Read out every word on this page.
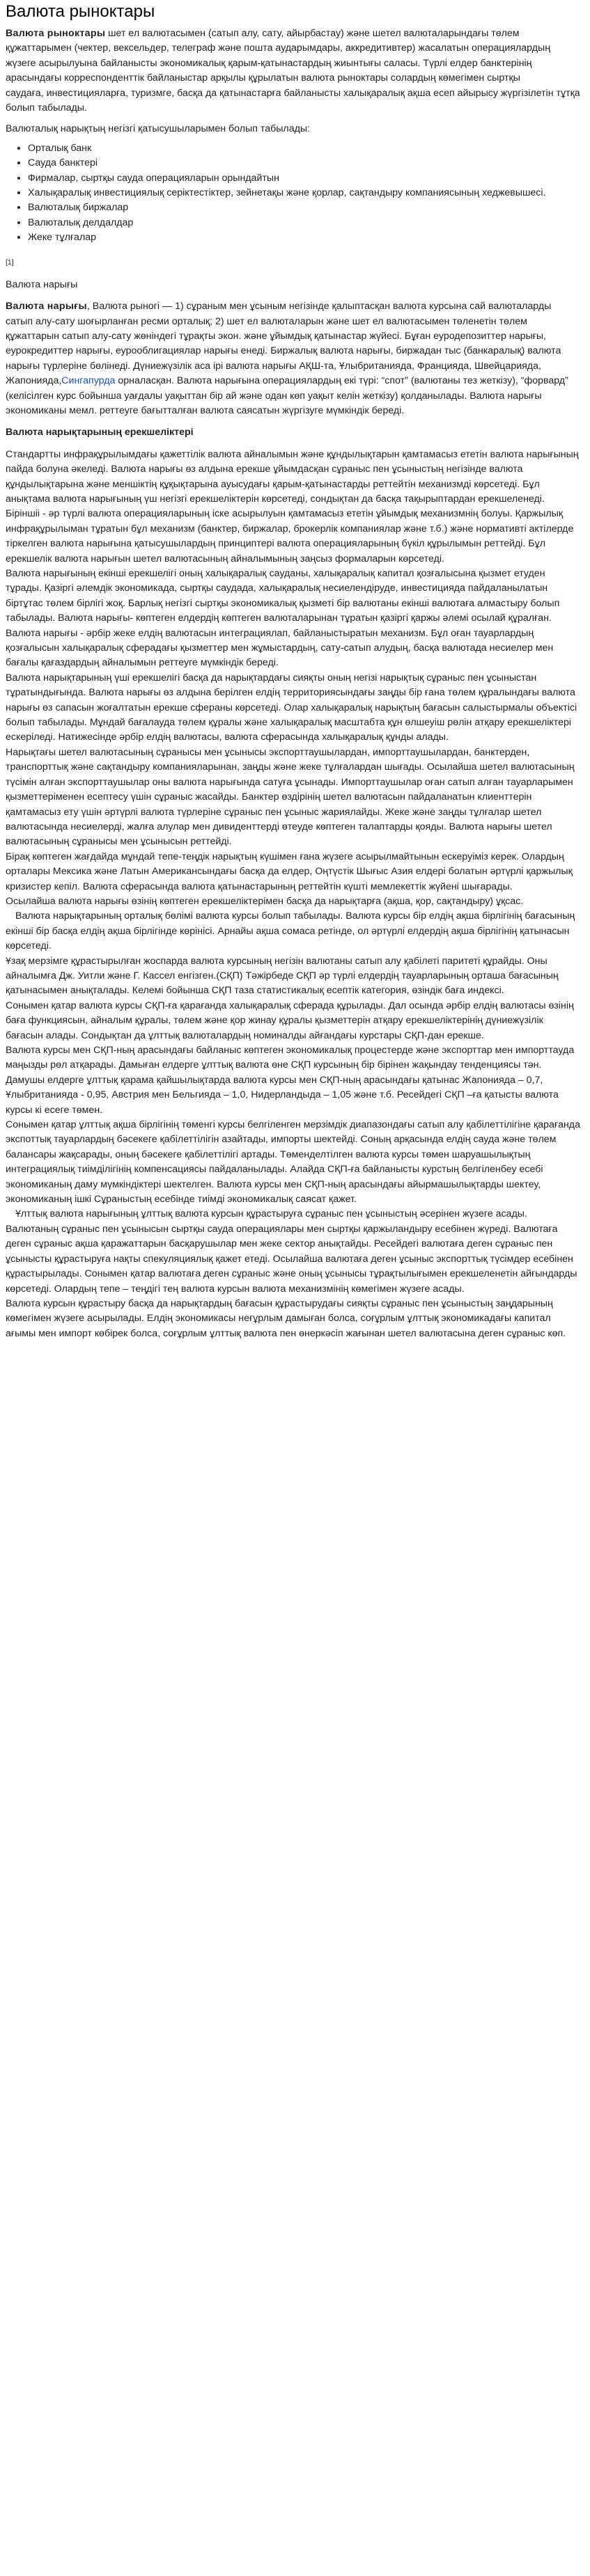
Валюта рыноктары

Валюта рыноктары шет ел валютасымен (сатып алу, сату, айырбастау) және шетел валюталарындағы төлем құжаттарымен (чектер, вексельдер, телеграф және пошта аударымдары, аккредитивтер) жасалатын операциялардың жүзеге асырылуына байланысты экономикалық қарым-қатынастардың жиынтығы саласы. Түрлі елдер банктерінің арасындағы корреспонденттік байланыстар арқылы құрылатын валюта рыноктары солардың көмегімен сыртқы

саудаға, инвестицияларға, туризмге, басқа да қатынастарға байланысты халықаралық ақша есеп айырысу жүргізілетін тұтқа болып табылады.

Валюталық нарықтың негізгі қатысушыларымен болып табылады:

• Орталық банк
• Сауда банктері
• Фирмалар, сыртқы сауда операцияларын орындайтын
• Халықаралық инвестициялық серіктестіктер, зейнетақы және қорлар, сақтандыру компанияcының хеджевышесі.
• Валюталық биржалар
• Валюталық делдалдар
• Жеке тұлғалар

[1]

Валюта нарығы

Валюта нарығы, Валюта рыногі — 1) сұраным мен ұсыным негізінде қалыптасқан валюта курсына сай валюталарды сатып алу-сату шоғырланған ресми орталық; 2) шет ел валюталарын және шет ел валютасымен төленетін төлем құжаттарын сатып алу-сату жөніндегі тұрақты экон. және ұйымдық қатынастар жүйесі. Бұған еуродепозиттер нарығы, еурокредиттер нарығы, еурооблигациялар нарығы енеді. Биржалық валюта нарығы, биржадан тыс (банкаралық) валюта нарығы түрлеріне бөлінеді. Дүниежүзілік аса ірі валюта нарығы АҚШ-та, Ұлыбританияда, Францияда, Швейцарияда, Жапонияда,Сингапурда орналасқан. Валюта нарығына операциялардың екі түрі: “спот” (валютаны тез жеткізу), “форвард” (келісілген курс бойынша уағдалы уақыттан бір ай және одан көп уақыт келін жеткізу) қолданылады. Валюта нарығы экономиканы мемл. реттеуге бағытталған валюта саясатын жүргізуге мүмкіндік береді.

Валюта нарықтарының ерекшеліктері

Стандартты инфрақұрылымдағы қажеттілік валюта айналымын және құндылықтарын қамтамасыз ететін валюта нарығының пайда болуна әкеледі. Валюта нарығы өз алдына ерекше ұйымдасқан сұраныс пен ұсыныстың негізінде валюта құндылықтарына және меншіктің құқықтарына ауысудағы қарым-қатынастарды реттейтін механизмді көрсетеді. Бұл анықтама валюта нарығының үш негізгі ерекшеліктерін көрсетеді, сондықтан да басқа тақырыптардан ерекшеленеді.

Біріншіі - әр түрлі валюта операцияларының іске асырылуын қамтамасыз ететін ұйымдық механизмнің болуы. Қаржылық инфрақұрылыман тұратын бұл механизм (банктер, биржалар, брокерлік компаниялар және т.б.) және нормативті актілерде тіркелген валюта нарығына қатысушылардың принциптері валюта операцияларының бүкіл құрылымын реттейді. Бұл ерекшелік валюта нарығын шетел валютасының айналымының заңсыз формаларын көрсетеді.

Валюта нарығының екінші ерекшелігі оның халықаралық сауданы, халықаралық капитал қозғалысына қызмет етуден тұрады. Қазіргі әлемдік экономикада, сыртқы саудада, халықаралық несиелендіруде, инвестицияда пайдаланылатын біртұтас төлем бірлігі жоқ. Барлық негізгі сыртқы экономикалық қызметі бір валютаны екінші валютаға алмастыру болып табылады. Валюта нарығы- көптеген елдердің көптеген валюталарынан тұратын қазіргі қаржы әлемі осылай құралған.

Валюта нарығы - әрбір жеке елдің валютасын интеграциялап, байланыстыратын механизм. Бұл оған тауарлардың қозғалысын халықаралық сферадағы қызметтер мен жұмыстардың, сату-сатып алудың, басқа валютада несиелер мен бағалы қағаздардың айналымын реттеуге мүмкіндік береді.

Валюта нарықтарының үші ерекшелігі басқа да нарықтардағы сияқты оның негізі нарықтық сұраныс пен ұсыныстан тұратындығында. Валюта нарығы өз алдына берілген елдің территориясындағы заңды бір ғана төлем құралындағы валюта нарығы өз сапасын жоғалтатын ерекше сфераны көрсетеді. Олар халықаралық нарықтың бағасын салыстырмалы объектісі болып табылады. Мұндай бағалауда төлем құралы және халықаралық масштабта құн өлшеуіш рөлін атқару ерекшеліктері ескеріледі. Натижесінде әрбір елдің валютасы, валюта сферасында халықаралық құнды алады.

Нарықтағы шетел валютасының сұранысы мен ұсынысы экспорттаушылардан, импорттаушылардан, банктерден, транспорттық және сақтандыру компанияларынан, заңды және жеке тұлғалардан шығады. Осылайша шетел валютасының түсімін алған экспорттаушылар оны валюта нарығында сатуға ұсынады. Импорттаушылар оған сатып алған тауарларымен қызметтеріменен есептесу үшін сұраныс жасайды. Банктер өздірінің шетел валютасын пайдаланатын клиенттерін қамтамасыз ету үшін әртүрлі валюта түрлеріне сұраныс пен ұсыныс жариялайды. Жеке және заңды тұлғалар шетел валютасында несиелерді, жалға алулар мен дивиденттерді өтеуде көптеген талаптарды қояды. Валюта нарығы шетел валютасының сұранысы мен ұсынысын реттейді.

Бірақ көптеген жағдайда мұндай тепе-теңдік нарықтың күшімен ғана жүзеге асырылмайтынын ескеруіміз керек. Олардың орталары Мексика және Латын Американсындағы басқа да елдер, Оңтүстік Шығыс Азия елдері болатын әртүрлі қаржылық кризистер кепіл. Валюта сферасында валюта қатынастарының реттейтін күшті мемлекеттік жүйені шығарады.

Осылайша валюта нарығы өзінің көптеген ерекшеліктерімен басқа да нарықтарға (ақша, қор, сақтандыру) ұқсас.

Валюта нарықтарының орталық бөлімі валюта курсы болып табылады. Валюта курсы бір елдің ақша бірлігінің бағасының екінші бір басқа елдің ақша бірлігінде көрінісі. Арнайы ақша сомаса ретінде, ол әртүрлі елдердің ақша бірлігінің қатынасын көрсетеді.

Ұзақ мерзімге құрастырылған жоспарда валюта курсының негізін валютаны сатып алу қабілеті паритеті құрайды. Оны айналымға Дж. Уитли және Г. Кассел енгізген.(СҚП) Тәжірбеде СҚП әр түрлі елдердің тауарларының орташа бағасының қатынасымен анықталады. Келемі бойынша СҚП таза статистикалық есептік категория, өзіндік баға индексі.

Сонымен қатар валюта курсы СҚП-ға қарағанда халықаралық сферада құрылады. Дал осында әрбір елдің валютасы өзінің баға функциясын, айналым құралы, төлем және қор жинау құралы қызметтерін атқару ерекшеліктерінің дүниежүзілік бағасын алады. Сондықтан да ұлттық валюталардың номиналды айғандағы курстары СҚП-дан ерекше.

Валюта курсы мен СҚП-ның арасындағы байланыс көптеген экономикалық процестерде және экспорттар мен импорттауда маңызды рөл атқарады. Дамыған елдерге ұлттық валюта өне СҚП курсының бір бірінен жақындау тенденциясы тән. Дамушы елдерге ұлттық қарама қайшылықтарда валюта курсы мен СҚП-ның арасындағы қатынас Жапонияда – 0,7, Ұлыбританияда - 0,95, Австрия мен Бельгияда – 1,0, Нидерландыда – 1,05 және т.б. Ресейдегі СҚП –ға қатысты валюта курсы кі есеге төмен.

Сонымен қатар ұлттық ақша бірлігінің төменгі курсы белгіленген мерзімдік диапазондағы сатып алу қабілеттілігіне қарағанда экспоттық тауарлардың бәсекеге қабілеттілігін азайтады, импорты шектейді. Соның арқасында елдің сауда және төлем балансары жақсарады, оның бәсекеге қабілеттілігі артады. Төменделтілген валюта курсы төмен шаруашылықтың интеграциялық тиімділігінің компенсациясы пайдаланылады. Алайда СҚП-ға байланысты курстың белгіленбеу есебі экономиканың даму мүмкіндіктері шектелген. Валюта курсы мен СҚП-ның арасындағы айырмашылықтарды шектеу, экономиканың ішкі Сұраныстың есебінде тиімді экономикалық саясат қажет.

Ұлттық валюта нарығының ұлттық валюта курсын құрастыруға сұраныс пен ұсыныстың әсерінен жүзеге асады. Валютаның сұраныс пен ұсынысын сыртқы сауда операциялары мен сыртқы қаржыландыру есебінен жүреді. Валютаға деген сұраныс ақша қаражаттарын басқарушылар мен жеке сектор анықтайды. Ресейдегі валютаға деген сұраныс пен ұсынысты құрастыруға нақты спекуляциялық қажет етеді. Осылайша валютаға деген ұсыныс экспорттық түсімдер есебінен құрастырылады. Сонымен қатар валютаға деген сұраныс және оның ұсынысы тұрақтылығымен ерекшеленетін айғындарды көрсетеді. Олардың тепе – теңдігі тең валюта курсын валюта механизмінің көмегімен жүзеге асады.

Валюта курсын құрастыру басқа да нарықтардың бағасын құрастырудағы сияқты сұраныс пен ұсыныстың заңдарының көмегімен жүзеге асырылады. Елдің экономикасы неғұрлым дамыған болса, соғұрлым ұлттық экономикадағы капитал ағымы мен импорт көбірек болса, соғұрлым ұлттық валюта пен өнеркәсіп жағынан шетел валютасына деген сұраныс көп.
